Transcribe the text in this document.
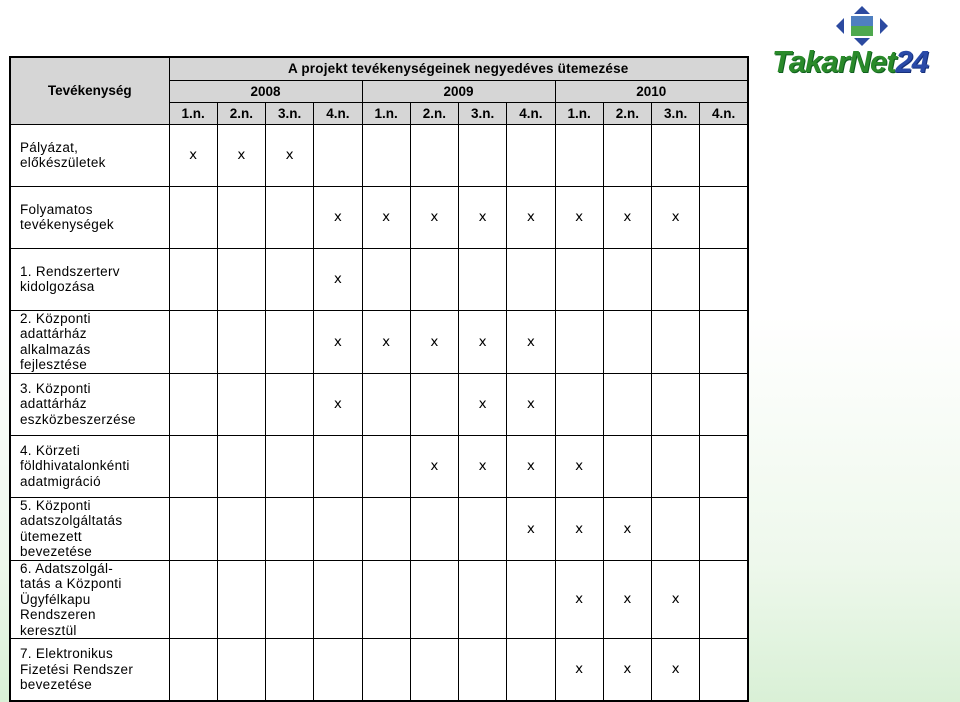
TakarNet24
Tevékenység	A projekt tevékenységeinek negyedéves ütemezése											
	2008				2009				2010			
	1.n.	2.n.	3.n.	4.n.	1.n.	2.n.	3.n.	4.n.	1.n.	2.n.	3.n.	4.n.
Pályázat,
előkészületek	x	x	x									
Folyamatos
tevékenységek				x	x	x	x	x	x	x	x	
1. Rendszerterv
kidolgozása				x								
2. Központi
adattárház
alkalmazás
fejlesztése				x	x	x	x	x				
3. Központi
adattárház
eszközbeszerzése				x			x	x				
4. Körzeti
földhivatalonkénti
adatmigráció						x	x	x	x			
5. Központi
adatszolgáltatás
ütemezett
bevezetése								x	x	x		
6. Adatszolgál-
tatás a Központi
Ügyfélkapu
Rendszeren
keresztül									x	x	x	
7. Elektronikus
Fizetési Rendszer
bevezetése									x	x	x	
